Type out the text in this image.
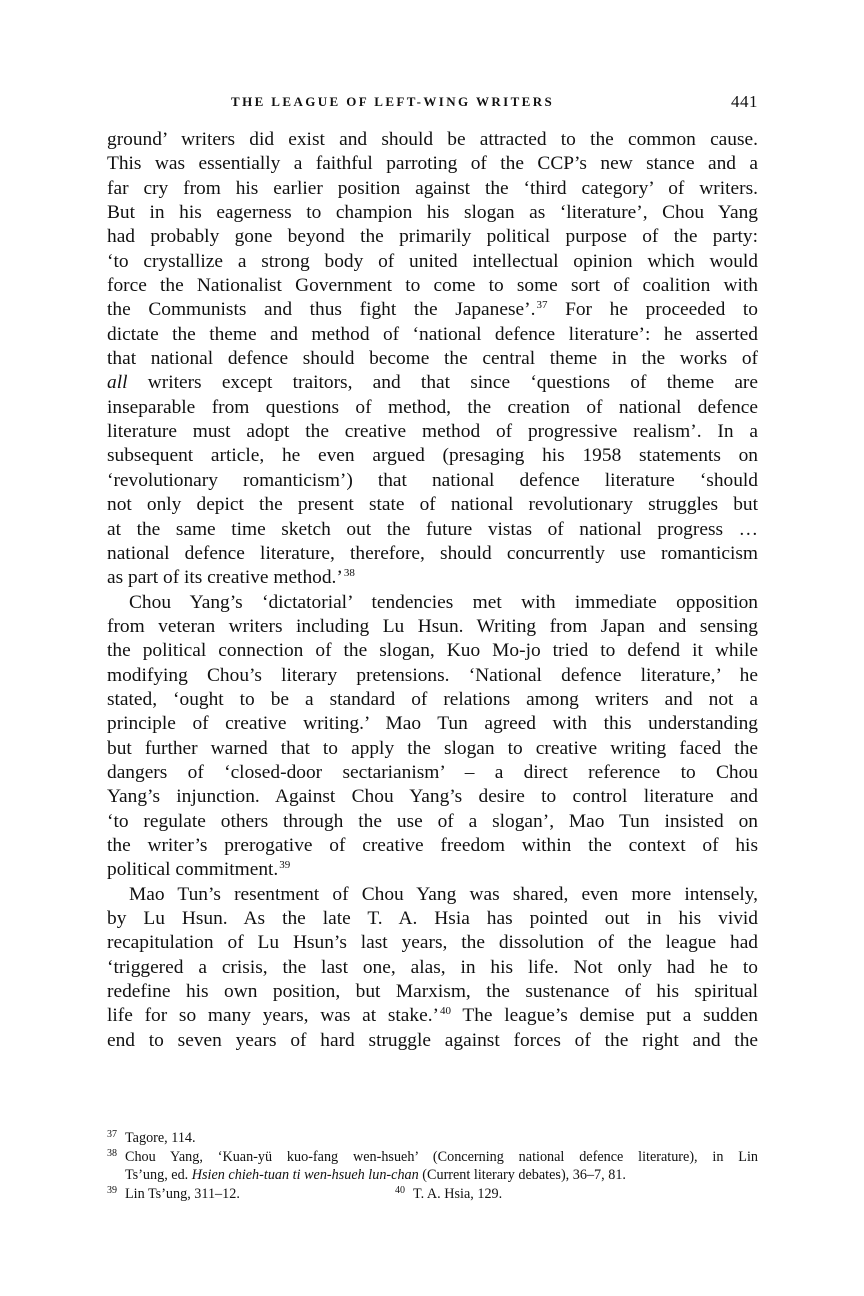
THE LEAGUE OF LEFT-WING WRITERS	441
ground’ writers did exist and should be attracted to the common cause.
This was essentially a faithful parroting of the CCP’s new stance and a
far cry from his earlier position against the ‘third category’ of writers.
But in his eagerness to champion his slogan as ‘literature’, Chou Yang
had probably gone beyond the primarily political purpose of the party:
‘to crystallize a strong body of united intellectual opinion which would
force the Nationalist Government to come to some sort of coalition with
the Communists and thus fight the Japanese’.$^{37}$ For he proceeded to
dictate the theme and method of ‘national defence literature’: he asserted
that national defence should become the central theme in the works of
all writers except traitors, and that since ‘questions of theme are
inseparable from questions of method, the creation of national defence
literature must adopt the creative method of progressive realism’. In a
subsequent article, he even argued (presaging his 1958 statements on
‘revolutionary romanticism’) that national defence literature ‘should
not only depict the present state of national revolutionary struggles but
at the same time sketch out the future vistas of national progress …
national defence literature, therefore, should concurrently use romanticism
as part of its creative method.’$^{38}$
Chou Yang’s ‘dictatorial’ tendencies met with immediate opposition
from veteran writers including Lu Hsun. Writing from Japan and sensing
the political connection of the slogan, Kuo Mo-jo tried to defend it while
modifying Chou’s literary pretensions. ‘National defence literature,’ he
stated, ‘ought to be a standard of relations among writers and not a
principle of creative writing.’ Mao Tun agreed with this understanding
but further warned that to apply the slogan to creative writing faced the
dangers of ‘closed-door sectarianism’ – a direct reference to Chou
Yang’s injunction. Against Chou Yang’s desire to control literature and
‘to regulate others through the use of a slogan’, Mao Tun insisted on
the writer’s prerogative of creative freedom within the context of his
political commitment.$^{39}$
Mao Tun’s resentment of Chou Yang was shared, even more intensely,
by Lu Hsun. As the late T. A. Hsia has pointed out in his vivid
recapitulation of Lu Hsun’s last years, the dissolution of the league had
‘triggered a crisis, the last one, alas, in his life. Not only had he to
redefine his own position, but Marxism, the sustenance of his spiritual
life for so many years, was at stake.’$^{40}$ The league’s demise put a sudden
end to seven years of hard struggle against forces of the right and the
37 Tagore, 114.
38 Chou Yang, ‘Kuan-yü kuo-fang wen-hsueh’ (Concerning national defence literature), in Lin
Ts’ung, ed. Hsien chieh-tuan ti wen-hsueh lun-chan (Current literary debates), 36–7, 81.
39 Lin Ts’ung, 311–12.	40 T. A. Hsia, 129.
